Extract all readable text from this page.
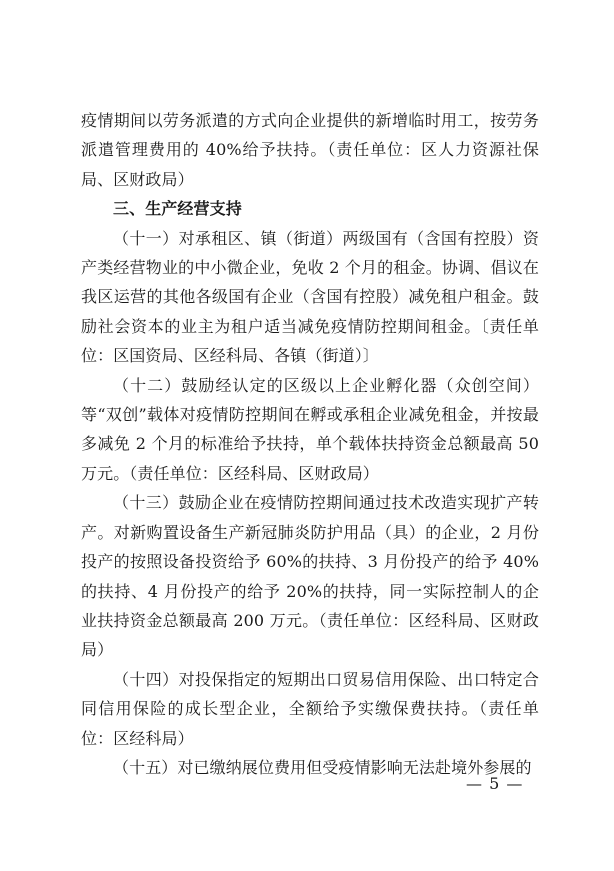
疫情期间以劳务派遣的方式向企业提供的新增临时用工，按劳务派遣管理费用的 40%给予扶持。（责任单位：区人力资源社保局、区财政局）

三、生产经营支持

（十一）对承租区、镇（街道）两级国有（含国有控股）资产类经营物业的中小微企业，免收 2 个月的租金。协调、倡议在我区运营的其他各级国有企业（含国有控股）减免租户租金。鼓励社会资本的业主为租户适当减免疫情防控期间租金。〔责任单位：区国资局、区经科局、各镇（街道）〕

（十二）鼓励经认定的区级以上企业孵化器（众创空间）等“双创”载体对疫情防控期间在孵或承租企业减免租金，并按最多减免 2 个月的标准给予扶持，单个载体扶持资金总额最高 50 万元。（责任单位：区经科局、区财政局）

（十三）鼓励企业在疫情防控期间通过技术改造实现扩产转产。对新购置设备生产新冠肺炎防护用品（具）的企业，2 月份投产的按照设备投资给予 60%的扶持、3 月份投产的给予 40%的扶持、4 月份投产的给予 20%的扶持，同一实际控制人的企业扶持资金总额最高 200 万元。（责任单位：区经科局、区财政局）

（十四）对投保指定的短期出口贸易信用保险、出口特定合同信用保险的成长型企业，全额给予实缴保费扶持。（责任单位：区经科局）

（十五）对已缴纳展位费用但受疫情影响无法赴境外参展的

— 5 —
